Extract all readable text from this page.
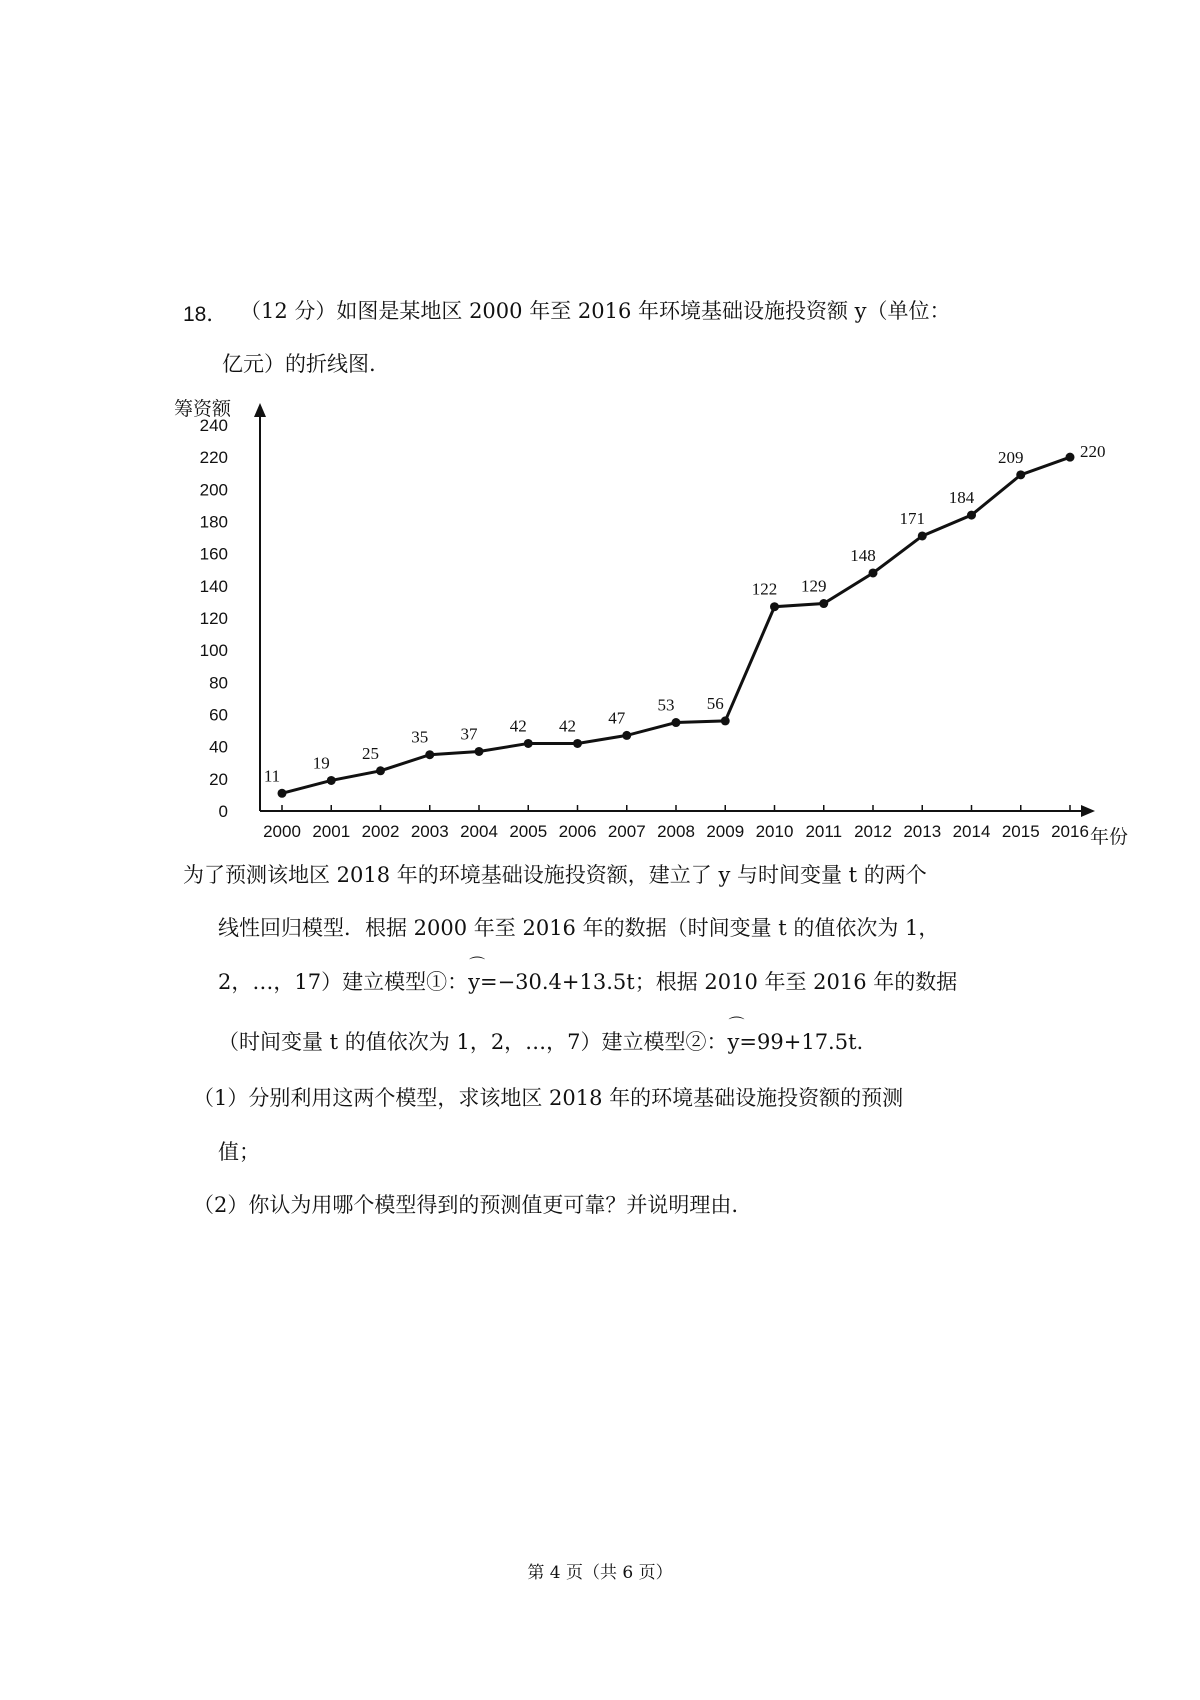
18． （12 分）如图是某地区 2000 年至 2016 年环境基础设施投资额 y（单位：
亿元）的折线图.
筹资额
年份
0
20
40
60
80
100
120
140
160
180
200
220
240
2000 2001 2002 2003 2004 2005 2006 2007 2008 2009 2010 2011 2012 2013 2014 2015 2016
11
19
25
35 37 42 42 47
53 56
122 129
148
171
184
209	220
为了预测该地区 2018 年的环境基础设施投资额，建立了 y 与时间变量 t 的两个
线性回归模型．根据 2000 年至 2016 年的数据（时间变量 t 的值依次为 1，
2，…，17）建立模型①：
⌒
y=−30.4+13.5t；根据 2010 年至 2016 年的数据
（时间变量 t 的值依次为 1，2，…，7）建立模型②：
⌒
y=99+17.5t.
（1）分别利用这两个模型，求该地区 2018 年的环境基础设施投资额的预测
值；
（2）你认为用哪个模型得到的预测值更可靠？并说明理由.
第 4 页（共 6 页）
